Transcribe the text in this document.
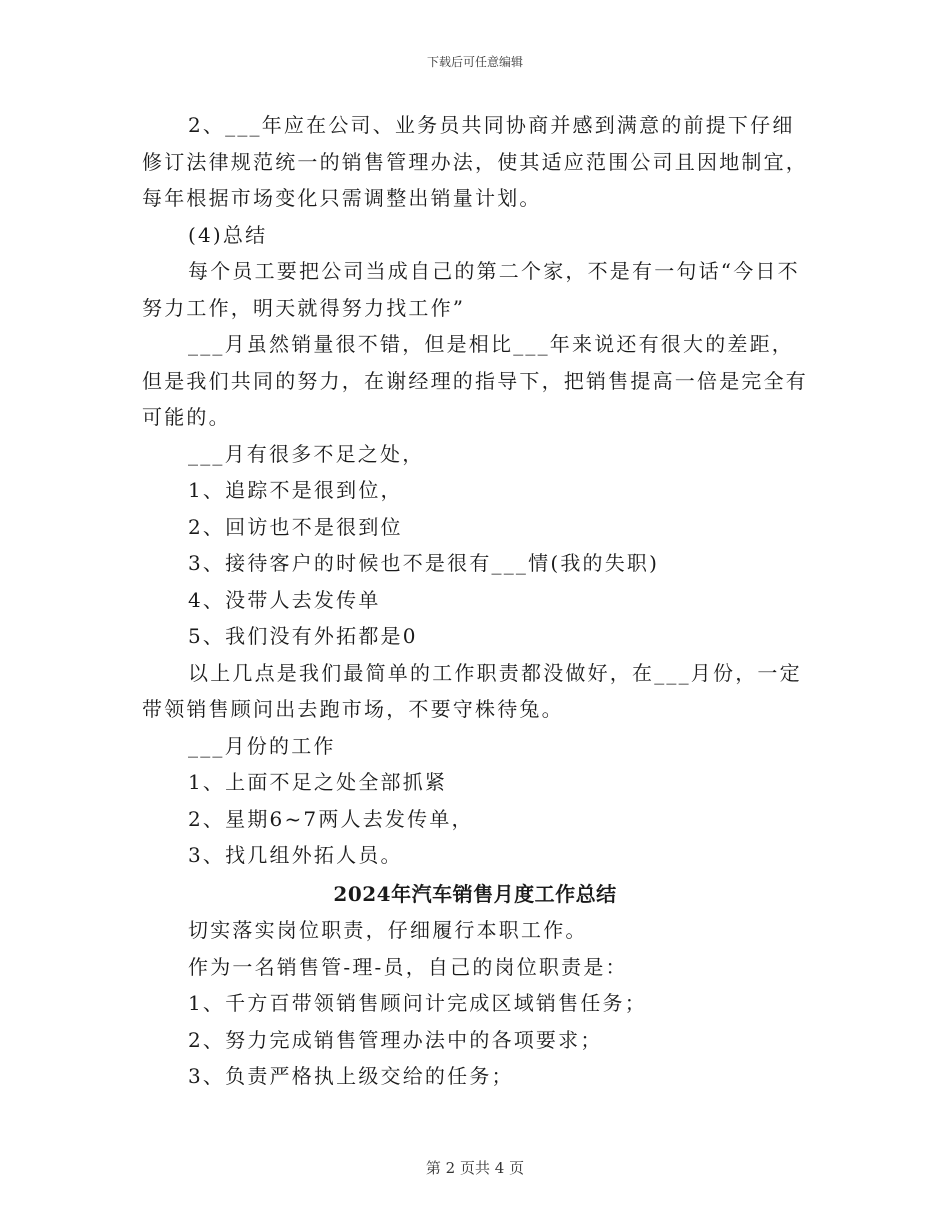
下载后可任意编辑

2、___年应在公司、业务员共同协商并感到满意的前提下仔细修订法律规范统一的销售管理办法，使其适应范围公司且因地制宜，每年根据市场变化只需调整出销量计划。

(4)总结

每个员工要把公司当成自己的第二个家，不是有一句话“今日不努力工作，明天就得努力找工作”

___月虽然销量很不错，但是相比___年来说还有很大的差距，但是我们共同的努力，在谢经理的指导下，把销售提高一倍是完全有可能的。

___月有很多不足之处，

1、追踪不是很到位，

2、回访也不是很到位

3、接待客户的时候也不是很有___情(我的失职)

4、没带人去发传单

5、我们没有外拓都是0

以上几点是我们最简单的工作职责都没做好，在___月份，一定带领销售顾问出去跑市场，不要守株待兔。

___月份的工作

1、上面不足之处全部抓紧

2、星期6~7两人去发传单，

3、找几组外拓人员。

2024年汽车销售月度工作总结

切实落实岗位职责，仔细履行本职工作。

作为一名销售管-理-员，自己的岗位职责是：

1、千方百带领销售顾问计完成区域销售任务；

2、努力完成销售管理办法中的各项要求；

3、负责严格执上级交给的任务；

第 2 页共 4 页
